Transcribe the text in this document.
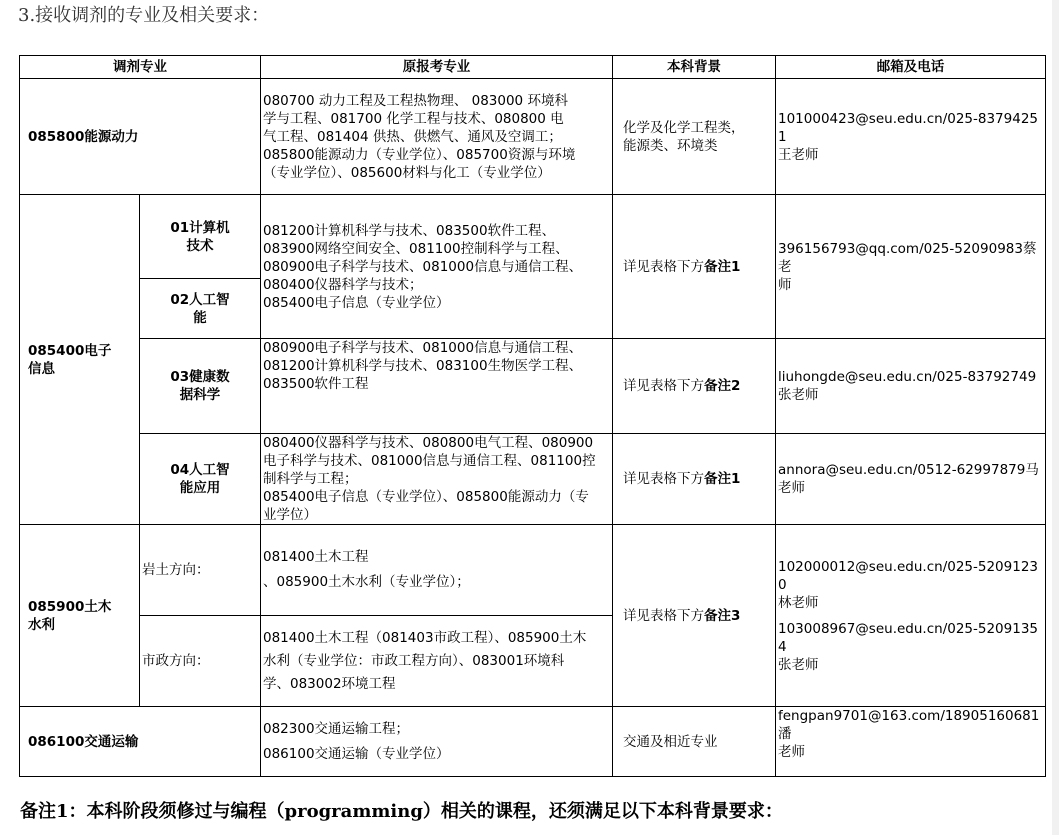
3.接收调剂的专业及相关要求：
调剂专业		原报考专业	本科背景	邮箱及电话
085800能源动力		080700 动力工程及工程热物理、 083000 环境科
学与工程、081700 化学工程与技术、080800 电
气工程、081404 供热、供燃气、通风及空调工；
085800能源动力（专业学位）、085700资源与环境
（专业学位）、085600材料与化工（专业学位）	化学及化学工程类，
能源类、环境类	101000423@seu.edu.cn/025-83794251
王老师

085400电子
信息	01计算机
技术	081200计算机科学与技术、083500软件工程、
083900网络空间安全、081100控制科学与工程、
080900电子科学与技术、081000信息与通信工程、
080400仪器科学与技术；
085400电子信息（专业学位）	详见表格下方备注1	396156793@qq.com/025-52090983蔡老
师

	02人工智
能			

	03健康数
据科学	080900电子科学与技术、081000信息与通信工程、
081200计算机科学与技术、083100生物医学工程、
083500软件工程	详见表格下方备注2	liuhongde@seu.edu.cn/025-83792749
张老师

	04人工智
能应用	080400仪器科学与技术、080800电气工程、080900
电子科学与技术、081000信息与通信工程、081100控
制科学与工程；
085400电子信息（专业学位）、085800能源动力（专
业学位）	详见表格下方备注1	annora@seu.edu.cn/0512-62997879马
老师

085900土木
水利	岩土方向：	081400土木工程
、085900土木水利（专业学位）；	详见表格下方备注3	102000012@seu.edu.cn/025-52091230
林老师
103008967@seu.edu.cn/025-52091354
张老师

	市政方向：	081400土木工程（081403市政工程）、085900土木
水利（专业学位：市政工程方向）、083001环境科
学、083002环境工程		

086100交通运输		082300交通运输工程；
086100交通运输（专业学位）	交通及相近专业	fengpan9701@163.com/18905160681潘
老师
备注1：本科阶段须修过与编程（programming）相关的课程，还须满足以下本科背景要求：
